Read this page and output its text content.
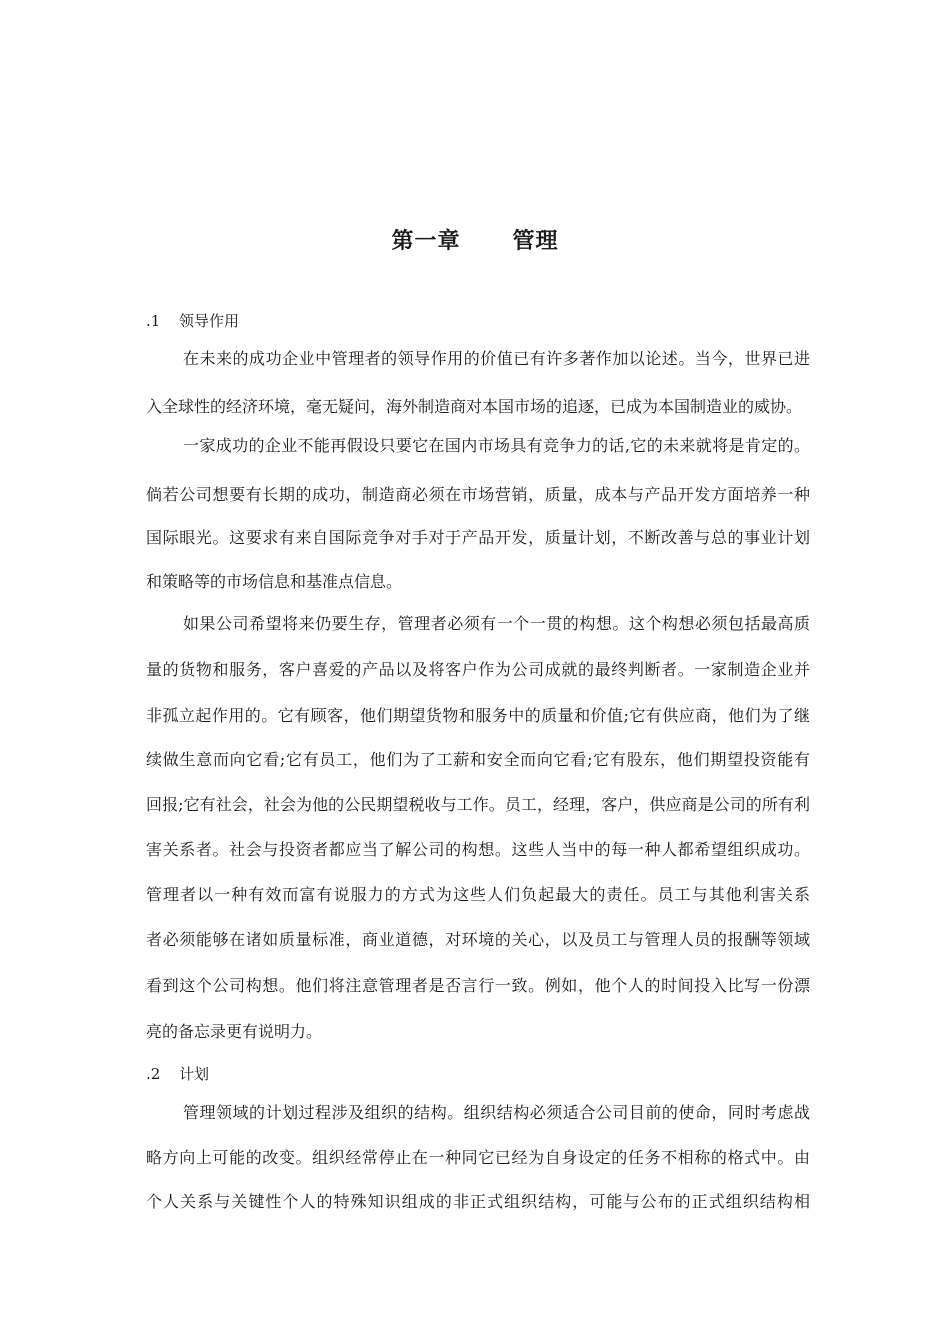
第一章 管理
.1 领导作用
在未来的成功企业中管理者的领导作用的价值已有许多著作加以论述。当今，世界已进
入全球性的经济环境，毫无疑问，海外制造商对本国市场的追逐，已成为本国制造业的威协。
一家成功的企业不能再假设只要它在国内市场具有竞争力的话,它的未来就将是肯定的。
倘若公司想要有长期的成功，制造商必须在市场营销，质量，成本与产品开发方面培养一种
国际眼光。这要求有来自国际竞争对手对于产品开发，质量计划，不断改善与总的事业计划
和策略等的市场信息和基准点信息。
如果公司希望将来仍要生存，管理者必须有一个一贯的构想。这个构想必须包括最高质
量的货物和服务，客户喜爱的产品以及将客户作为公司成就的最终判断者。一家制造企业并
非孤立起作用的。它有顾客，他们期望货物和服务中的质量和价值;它有供应商，他们为了继
续做生意而向它看;它有员工，他们为了工薪和安全而向它看;它有股东，他们期望投资能有
回报;它有社会，社会为他的公民期望税收与工作。员工，经理，客户，供应商是公司的所有利
害关系者。社会与投资者都应当了解公司的构想。这些人当中的每一种人都希望组织成功。
管理者以一种有效而富有说服力的方式为这些人们负起最大的责任。员工与其他利害关系
者必须能够在诸如质量标准，商业道德，对环境的关心，以及员工与管理人员的报酬等领域
看到这个公司构想。他们将注意管理者是否言行一致。例如，他个人的时间投入比写一份漂
亮的备忘录更有说明力。
.2 计划
管理领域的计划过程涉及组织的结构。组织结构必须适合公司目前的使命，同时考虑战
略方向上可能的改变。组织经常停止在一种同它已经为自身设定的任务不相称的格式中。由
个人关系与关键性个人的特殊知识组成的非正式组织结构，可能与公布的正式组织结构相
